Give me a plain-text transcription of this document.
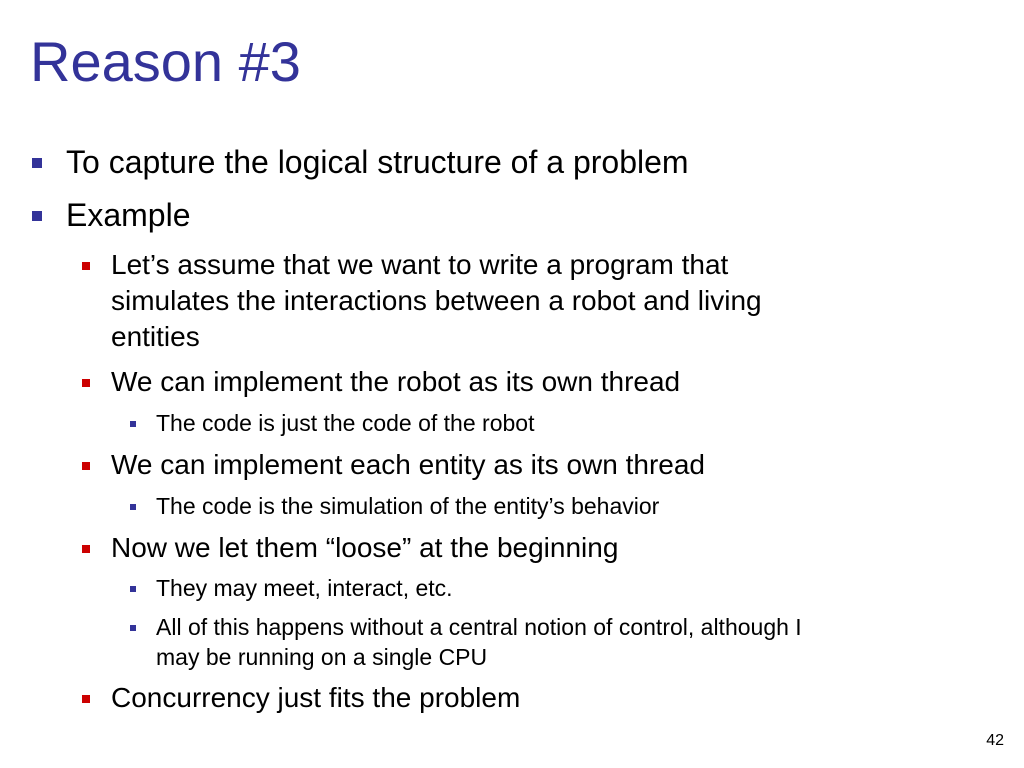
Reason #3
To capture the logical structure of a problem
Example
Let’s assume that we want to write a program that
simulates the interactions between a robot and living
entities
We can implement the robot as its own thread
The code is just the code of the robot
We can implement each entity as its own thread
The code is the simulation of the entity’s behavior
Now we let them “loose” at the beginning
They may meet, interact, etc.
All of this happens without a central notion of control, although I
may be running on a single CPU
Concurrency just fits the problem
42
